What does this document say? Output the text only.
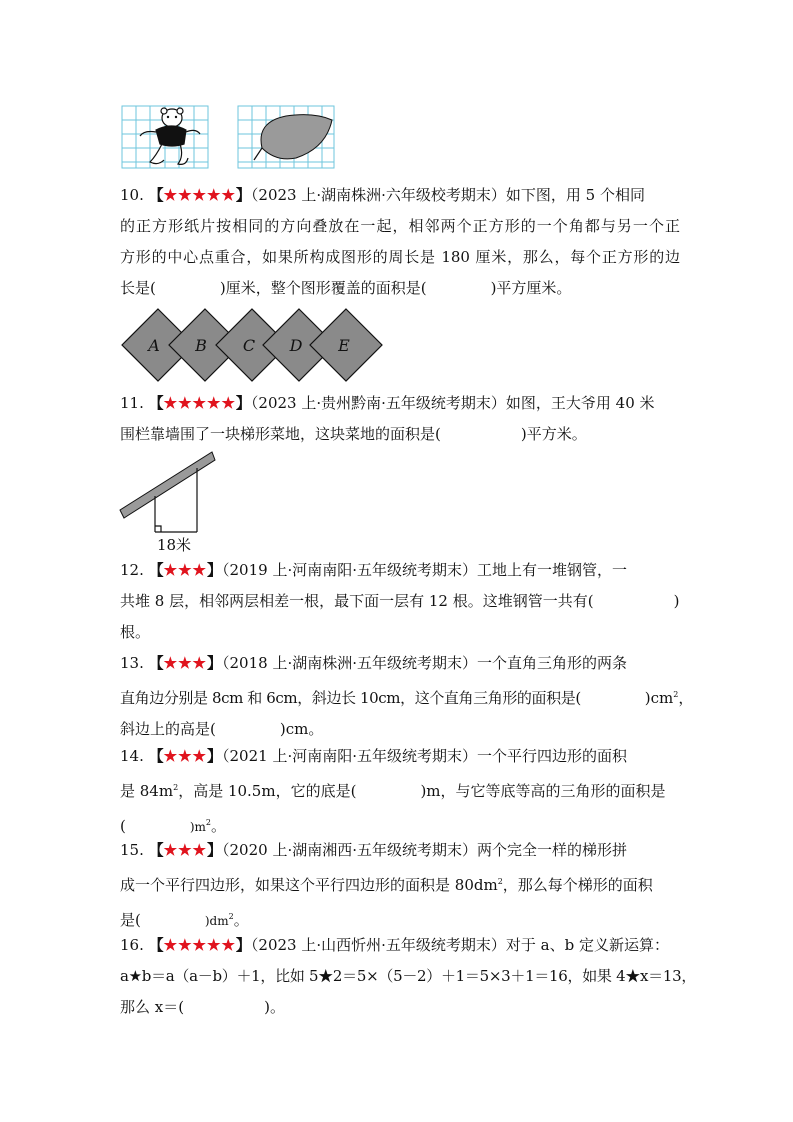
10. 【★★★★★】（2023 上·湖南株洲·六年级校考期末）如下图，用 5 个相同
的正方形纸片按相同的方向叠放在一起，相邻两个正方形的一个角都与另一个正
方形的中心点重合，如果所构成图形的周长是 180 厘米，那么，每个正方形的边
长是(	)厘米，整个图形覆盖的面积是(	)平方厘米。
A B C D E
11. 【★★★★★】（2023 上·贵州黔南·五年级统考期末）如图，王大爷用 40 米
围栏靠墙围了一块梯形菜地，这块菜地的面积是(	)平方米。
18米
12. 【★★★】（2019 上·河南南阳·五年级统考期末）工地上有一堆钢管，一
共堆 8 层，相邻两层相差一根，最下面一层有 12 根。这堆钢管一共有(	)
根。
13. 【★★★】（2018 上·湖南株洲·五年级统考期末）一个直角三角形的两条
直角边分别是 8cm 和 6cm，斜边长 10cm，这个直角三角形的面积是(	)$cm^2$，
斜边上的高是(	)cm。
14. 【★★★】（2021 上·河南南阳·五年级统考期末）一个平行四边形的面积
是 $84m^2$，高是 10.5m，它的底是(	)m，与它等底等高的三角形的面积是
(	)$m^2$。
15. 【★★★】（2020 上·湖南湘西·五年级统考期末）两个完全一样的梯形拼
成一个平行四边形，如果这个平行四边形的面积是 $80dm^2$，那么每个梯形的面积
是(	)$dm^2$。
16. 【★★★★★】（2023 上·山西忻州·五年级统考期末）对于 a、b 定义新运算：
a★b＝a（a－b）＋1，比如 5★2＝5×（5－2）＋1＝5×3＋1＝16，如果 4★x＝13，
那么 x＝(	)。
